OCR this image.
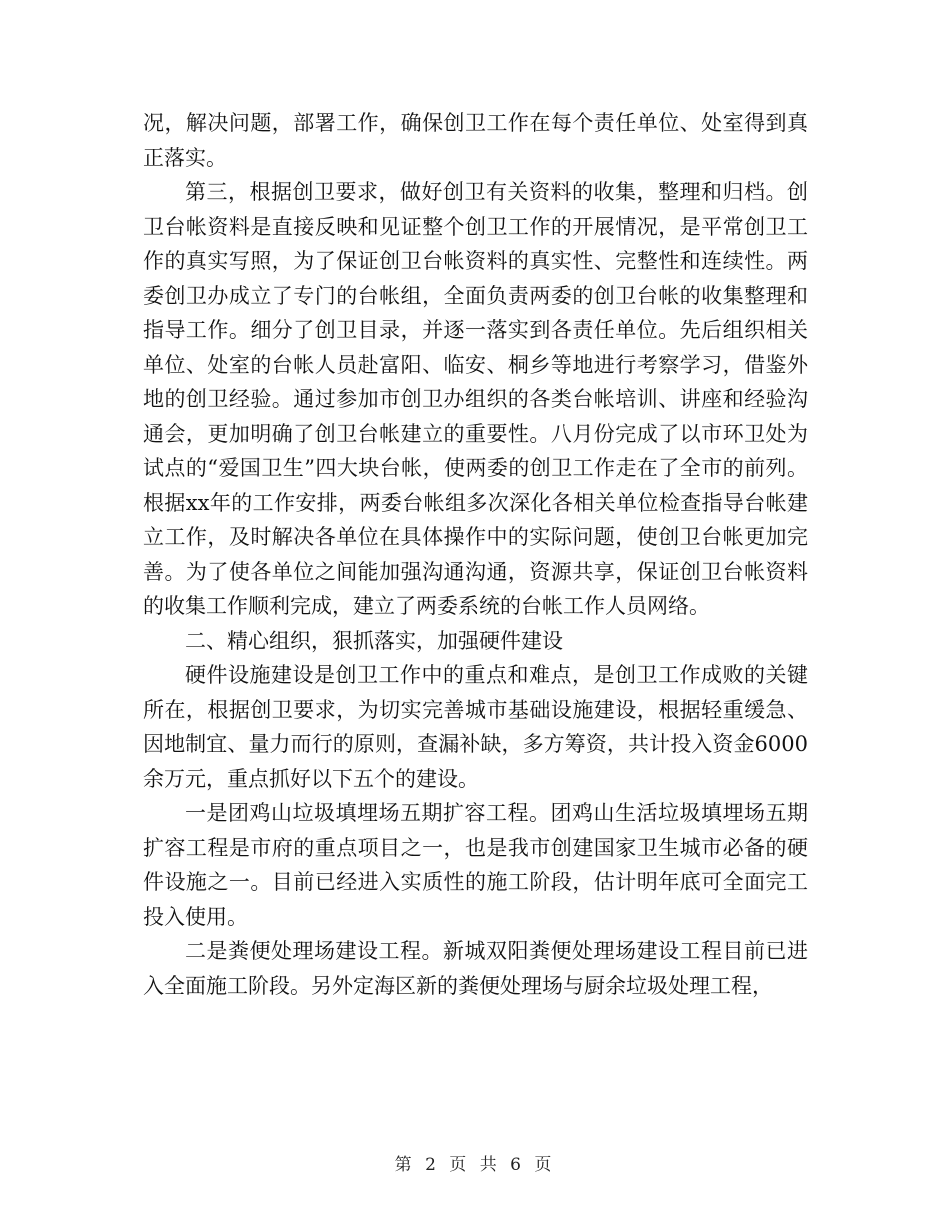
况，解决问题，部署工作，确保创卫工作在每个责任单位、处室得到真正落实。

第三，根据创卫要求，做好创卫有关资料的收集，整理和归档。创卫台帐资料是直接反映和见证整个创卫工作的开展情况，是平常创卫工作的真实写照，为了保证创卫台帐资料的真实性、完整性和连续性。两委创卫办成立了专门的台帐组，全面负责两委的创卫台帐的收集整理和指导工作。细分了创卫目录，并逐一落实到各责任单位。先后组织相关单位、处室的台帐人员赴富阳、临安、桐乡等地进行考察学习，借鉴外地的创卫经验。通过参加市创卫办组织的各类台帐培训、讲座和经验沟通会，更加明确了创卫台帐建立的重要性。八月份完成了以市环卫处为试点的“爱国卫生”四大块台帐，使两委的创卫工作走在了全市的前列。根据xx年的工作安排，两委台帐组多次深化各相关单位检查指导台帐建立工作，及时解决各单位在具体操作中的实际问题，使创卫台帐更加完善。为了使各单位之间能加强沟通沟通，资源共享，保证创卫台帐资料的收集工作顺利完成，建立了两委系统的台帐工作人员网络。

二、精心组织，狠抓落实，加强硬件建设

硬件设施建设是创卫工作中的重点和难点，是创卫工作成败的关键所在，根据创卫要求，为切实完善城市基础设施建设，根据轻重缓急、因地制宜、量力而行的原则，查漏补缺，多方筹资，共计投入资金6000余万元，重点抓好以下五个的建设。

一是团鸡山垃圾填埋场五期扩容工程。团鸡山生活垃圾填埋场五期扩容工程是市府的重点项目之一，也是我市创建国家卫生城市必备的硬件设施之一。目前已经进入实质性的施工阶段，估计明年底可全面完工投入使用。

二是粪便处理场建设工程。新城双阳粪便处理场建设工程目前已进入全面施工阶段。另外定海区新的粪便处理场与厨余垃圾处理工程，

第 2 页 共 6 页
